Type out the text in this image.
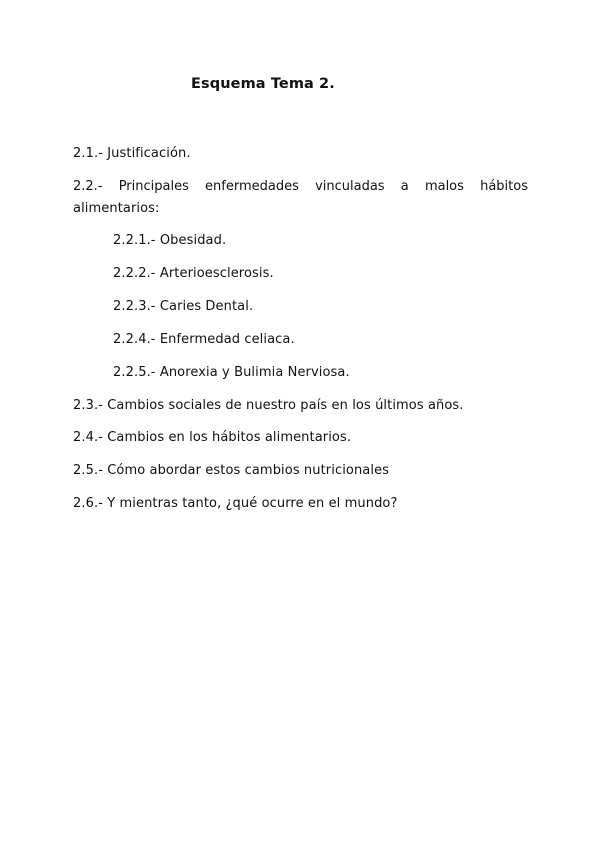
Esquema Tema 2.
2.1.- Justificación.
2.2.- Principales enfermedades vinculadas a malos hábitos
alimentarios:
2.2.1.- Obesidad.
2.2.2.- Arterioesclerosis.
2.2.3.- Caries Dental.
2.2.4.- Enfermedad celiaca.
2.2.5.- Anorexia y Bulimia Nerviosa.
2.3.- Cambios sociales de nuestro país en los últimos años.
2.4.- Cambios en los hábitos alimentarios.
2.5.- Cómo abordar estos cambios nutricionales
2.6.- Y mientras tanto, ¿qué ocurre en el mundo?
